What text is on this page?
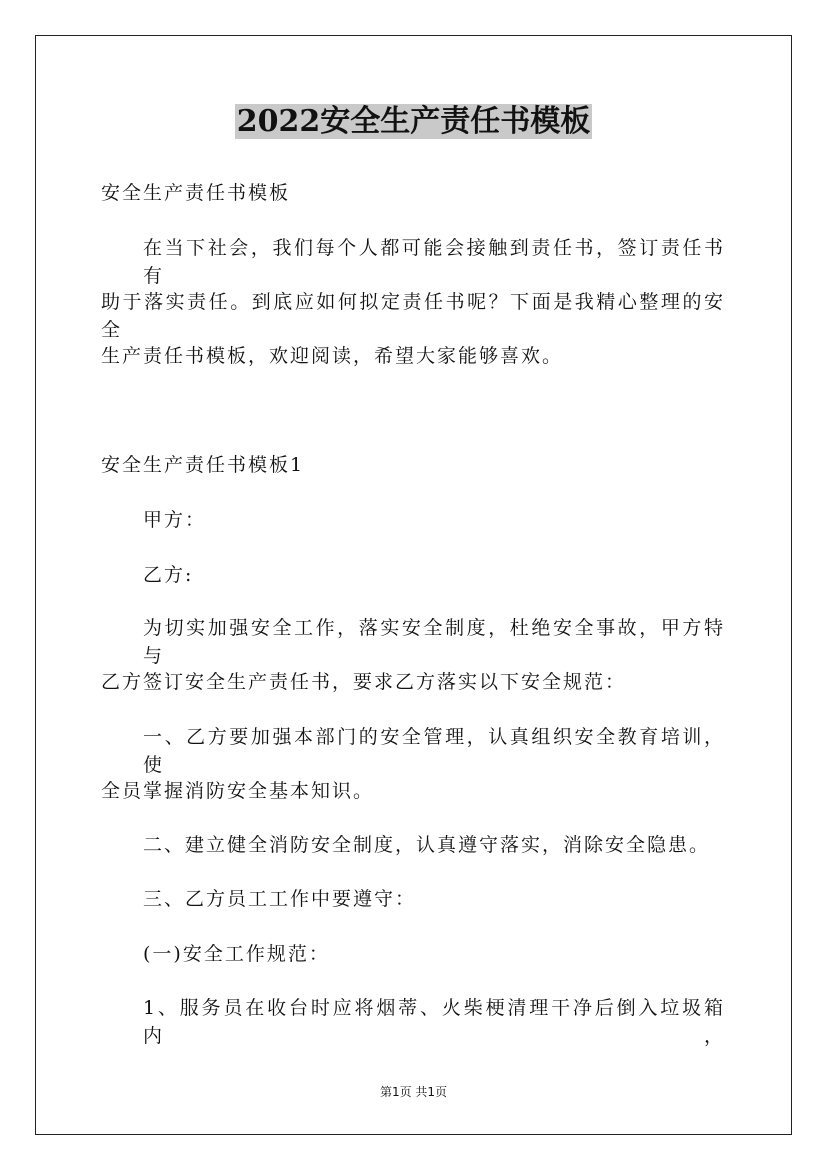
2022安全生产责任书模板

安全生产责任书模板

在当下社会，我们每个人都可能会接触到责任书，签订责任书有

助于落实责任。到底应如何拟定责任书呢？下面是我精心整理的安全

生产责任书模板，欢迎阅读，希望大家能够喜欢。

安全生产责任书模板1

甲方：

乙方:

为切实加强安全工作，落实安全制度，杜绝安全事故，甲方特与

乙方签订安全生产责任书，要求乙方落实以下安全规范：

一、乙方要加强本部门的安全管理，认真组织安全教育培训，使

全员掌握消防安全基本知识。

二、建立健全消防安全制度，认真遵守落实，消除安全隐患。

三、乙方员工工作中要遵守：

(一)安全工作规范：

1、服务员在收台时应将烟蒂、火柴梗清理干净后倒入垃圾箱内，

第1页 共1页
